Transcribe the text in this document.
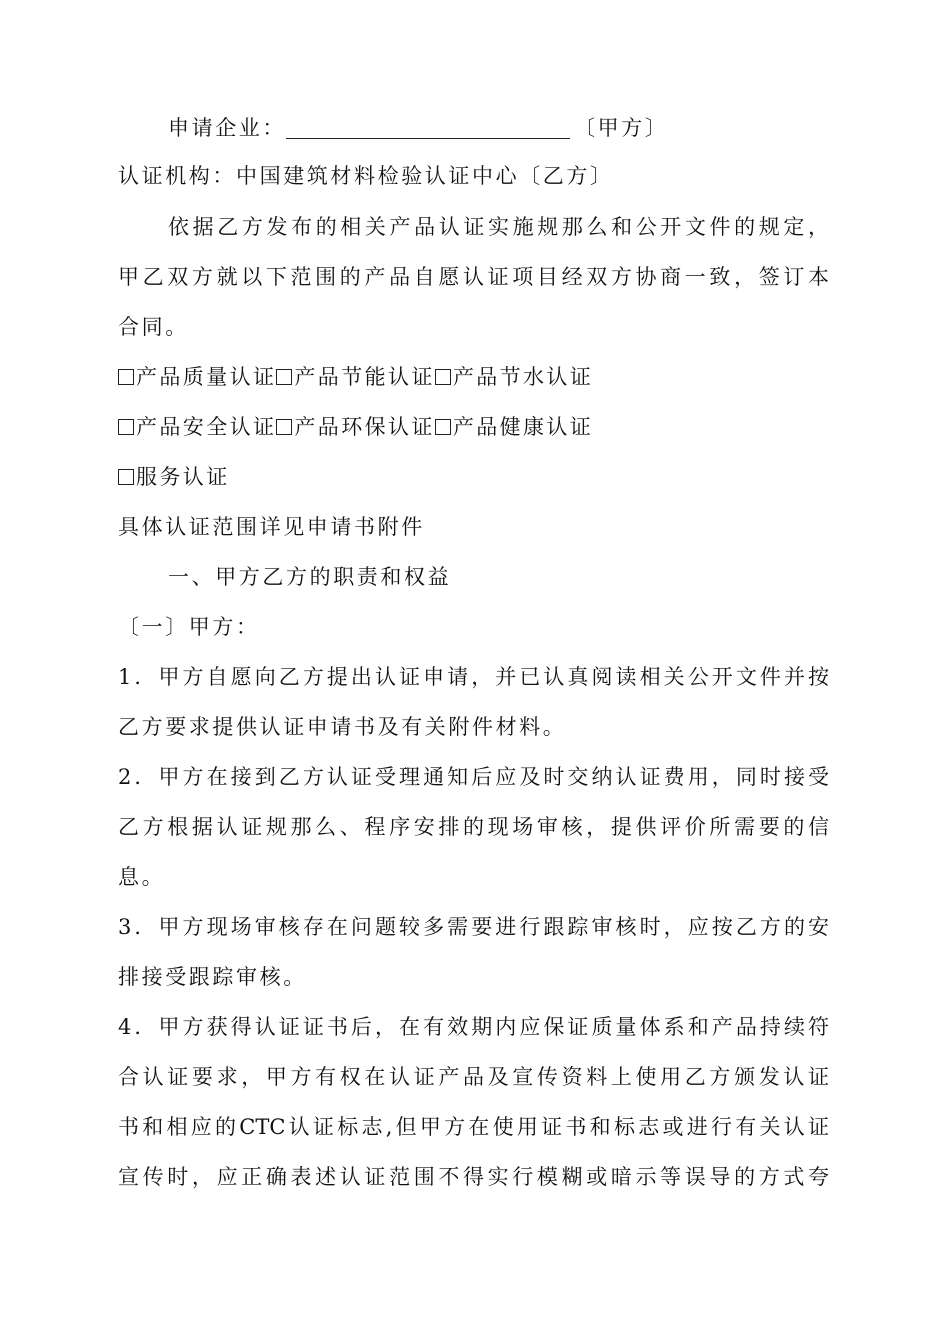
申请企业：	〔甲方〕
认证机构：中国建筑材料检验认证中心〔乙方〕
依据乙方发布的相关产品认证实施规那么和公开文件的规定，
甲乙双方就以下范围的产品自愿认证项目经双方协商一致，签订本
合同。
产品质量认证 产品节能认证 产品节水认证
产品安全认证 产品环保认证 产品健康认证
服务认证
具体认证范围详见申请书附件
一、甲方乙方的职责和权益
〔一〕甲方：
1．甲方自愿向乙方提出认证申请，并已认真阅读相关公开文件并按
乙方要求提供认证申请书及有关附件材料。
2．甲方在接到乙方认证受理通知后应及时交纳认证费用，同时接受
乙方根据认证规那么、程序安排的现场审核，提供评价所需要的信
息。
3．甲方现场审核存在问题较多需要进行跟踪审核时，应按乙方的安
排接受跟踪审核。
4．甲方获得认证证书后，在有效期内应保证质量体系和产品持续符
合认证要求，甲方有权在认证产品及宣传资料上使用乙方颁发认证
书和相应的CTC认证标志,但甲方在使用证书和标志或进行有关认证
宣传时，应正确表述认证范围不得实行模糊或暗示等误导的方式夸
